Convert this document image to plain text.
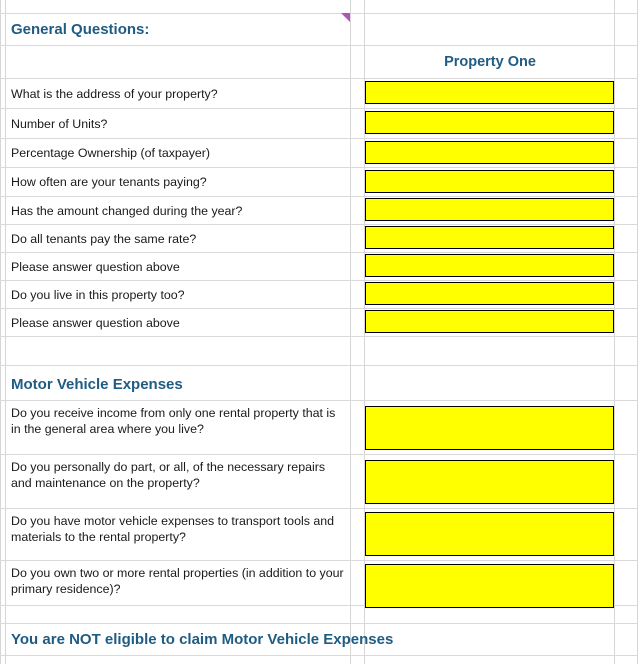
General Questions:
Property One
What is the address of your property?
Number of Units?
Percentage Ownership (of taxpayer)
How often are your tenants paying?
Has the amount changed during the year?
Do all tenants pay the same rate?
Please answer question above
Do you live in this property too?
Please answer question above
Motor Vehicle Expenses
Do you receive income from only one rental property that is in the general area where you live?
Do you personally do part, or all, of the necessary repairs and maintenance on the property?
Do you have motor vehicle expenses to transport tools and materials to the rental property?
Do you own two or more rental properties (in addition to your primary residence)?
You are NOT eligible to claim Motor Vehicle Expenses
